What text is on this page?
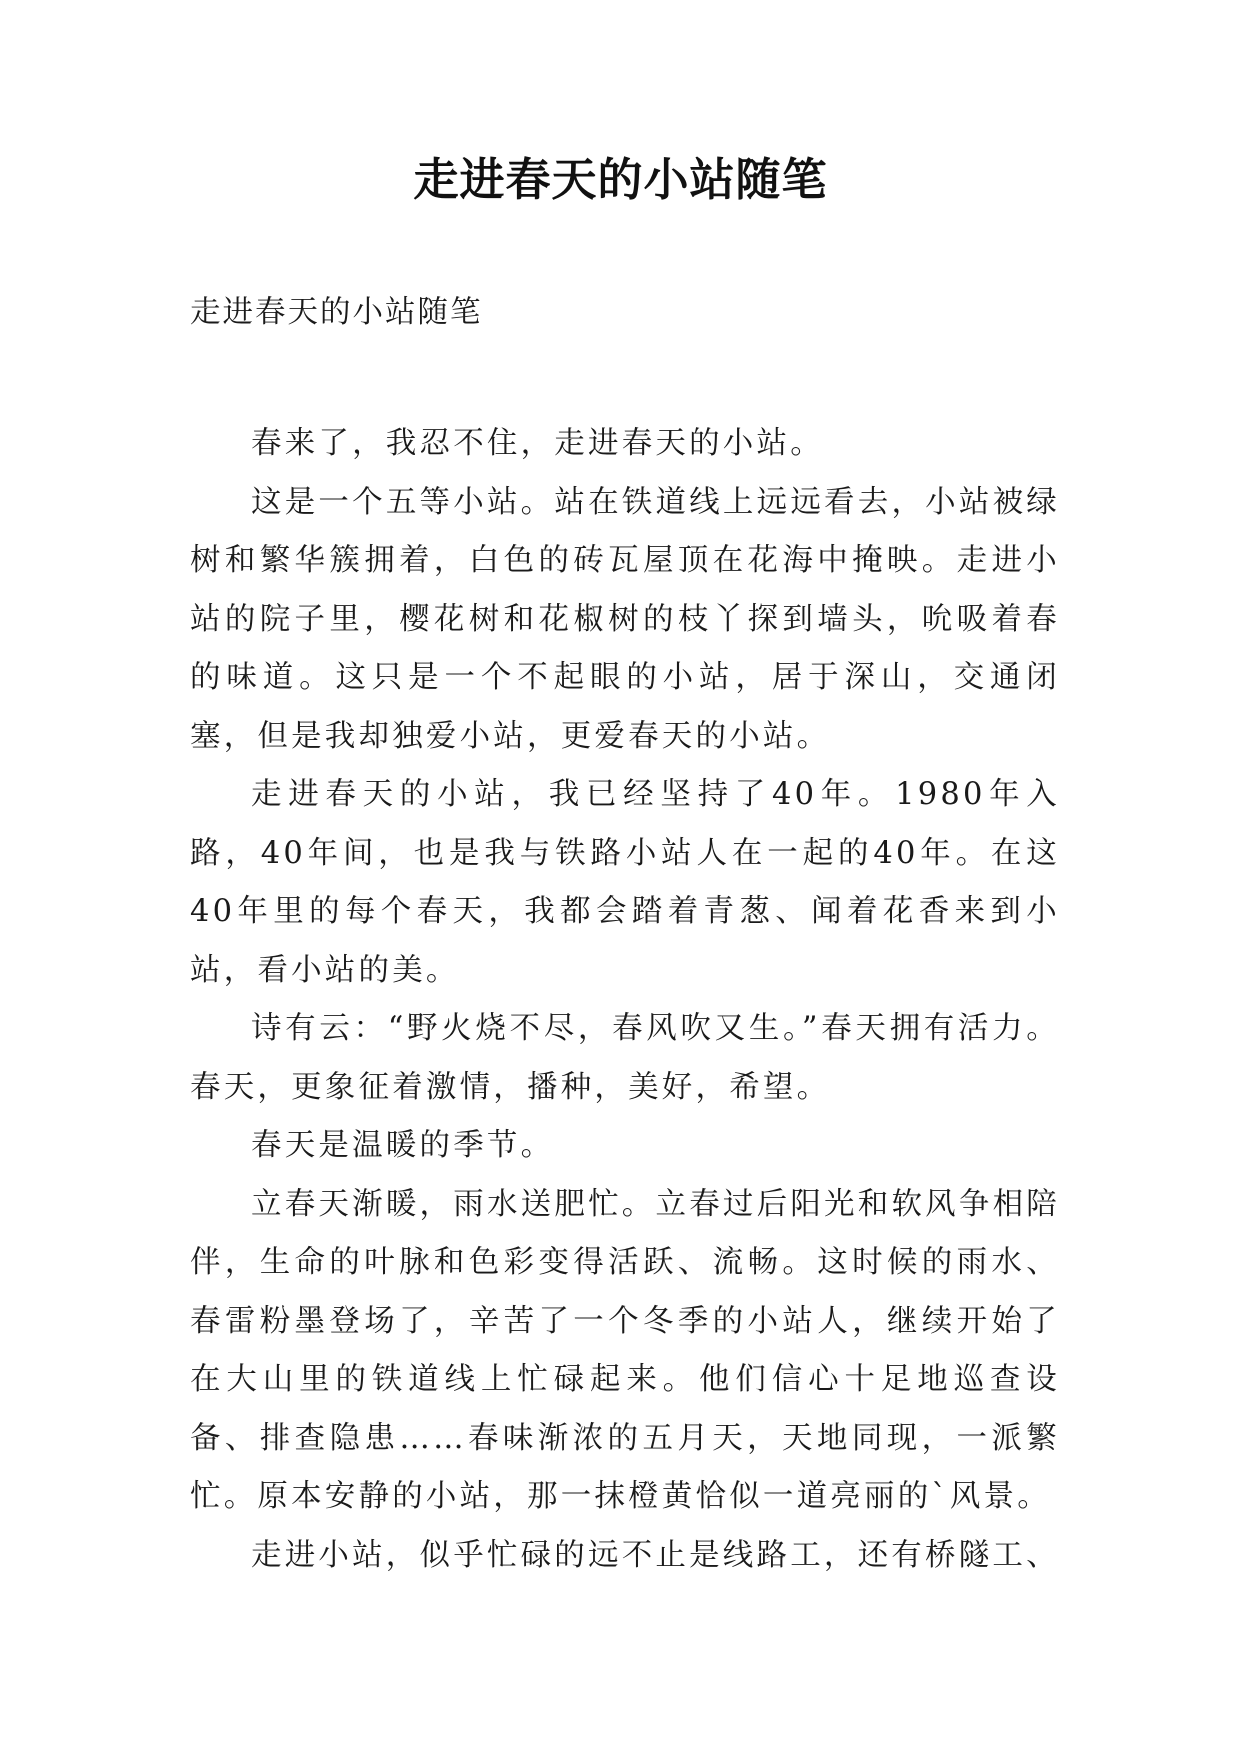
走进春天的小站随笔

走进春天的小站随笔

春来了，我忍不住，走进春天的小站。

这是一个五等小站。站在铁道线上远远看去，小站被绿树和繁华簇拥着，白色的砖瓦屋顶在花海中掩映。走进小站的院子里，樱花树和花椒树的枝丫探到墙头，吮吸着春的味道。这只是一个不起眼的小站，居于深山，交通闭塞，但是我却独爱小站，更爱春天的小站。

走进春天的小站，我已经坚持了40年。1980年入路，40年间，也是我与铁路小站人在一起的40年。在这40年里的每个春天，我都会踏着青葱、闻着花香来到小站，看小站的美。

诗有云：“野火烧不尽，春风吹又生。”春天拥有活力。春天，更象征着激情，播种，美好，希望。

春天是温暖的季节。

立春天渐暖，雨水送肥忙。立春过后阳光和软风争相陪伴，生命的叶脉和色彩变得活跃、流畅。这时候的雨水、春雷粉墨登场了，辛苦了一个冬季的小站人，继续开始了在大山里的铁道线上忙碌起来。他们信心十足地巡查设备、排查隐患……春味渐浓的五月天，天地同现，一派繁忙。原本安静的小站，那一抹橙黄恰似一道亮丽的`风景。

走进小站，似乎忙碌的远不止是线路工，还有桥隧工、
